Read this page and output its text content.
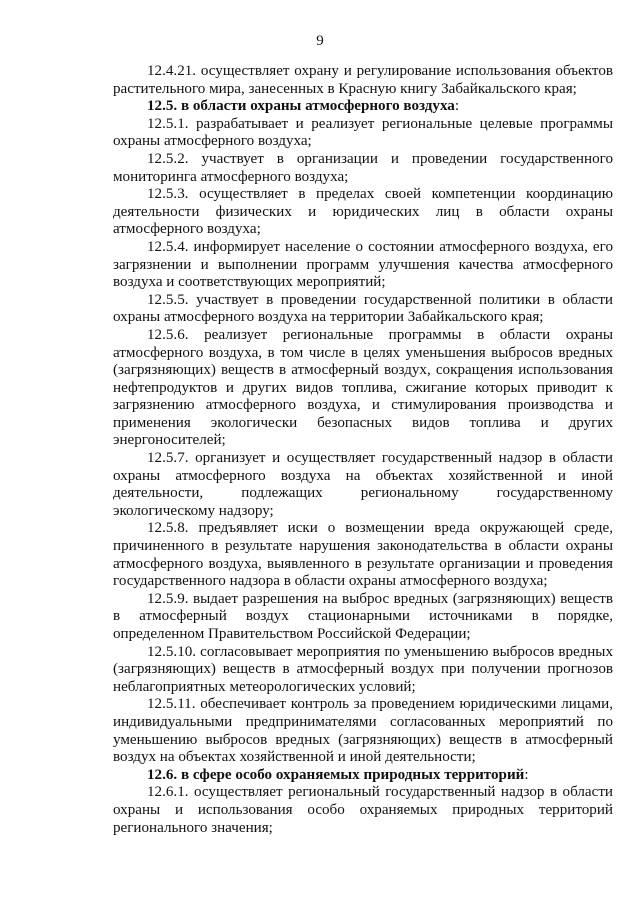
9

12.4.21. осуществляет охрану и регулирование использования объектов растительного мира, занесенных в Красную книгу Забайкальского края;

12.5. в области охраны атмосферного воздуха:

12.5.1. разрабатывает и реализует региональные целевые программы охраны атмосферного воздуха;

12.5.2. участвует в организации и проведении государственного мониторинга атмосферного воздуха;

12.5.3. осуществляет в пределах своей компетенции координацию деятельности физических и юридических лиц в области охраны атмосферного воздуха;

12.5.4. информирует население о состоянии атмосферного воздуха, его загрязнении и выполнении программ улучшения качества атмосферного воздуха и соответствующих мероприятий;

12.5.5. участвует в проведении государственной политики в области охраны атмосферного воздуха на территории Забайкальского края;

12.5.6. реализует региональные программы в области охраны атмосферного воздуха, в том числе в целях уменьшения выбросов вредных (загрязняющих) веществ в атмосферный воздух, сокращения использования нефтепродуктов и других видов топлива, сжигание которых приводит к загрязнению атмосферного воздуха, и стимулирования производства и применения экологически безопасных видов топлива и других энергоносителей;

12.5.7. организует и осуществляет государственный надзор в области охраны атмосферного воздуха на объектах хозяйственной и иной деятельности, подлежащих региональному государственному экологическому надзору;

12.5.8. предъявляет иски о возмещении вреда окружающей среде, причиненного в результате нарушения законодательства в области охраны атмосферного воздуха, выявленного в результате организации и проведения государственного надзора в области охраны атмосферного воздуха;

12.5.9. выдает разрешения на выброс вредных (загрязняющих) веществ в атмосферный воздух стационарными источниками в порядке, определенном Правительством Российской Федерации;

12.5.10. согласовывает мероприятия по уменьшению выбросов вредных (загрязняющих) веществ в атмосферный воздух при получении прогнозов неблагоприятных метеорологических условий;

12.5.11. обеспечивает контроль за проведением юридическими лицами, индивидуальными предпринимателями согласованных мероприятий по уменьшению выбросов вредных (загрязняющих) веществ в атмосферный воздух на объектах хозяйственной и иной деятельности;

12.6. в сфере особо охраняемых природных территорий:

12.6.1. осуществляет региональный государственный надзор в области охраны и использования особо охраняемых природных территорий регионального значения;
